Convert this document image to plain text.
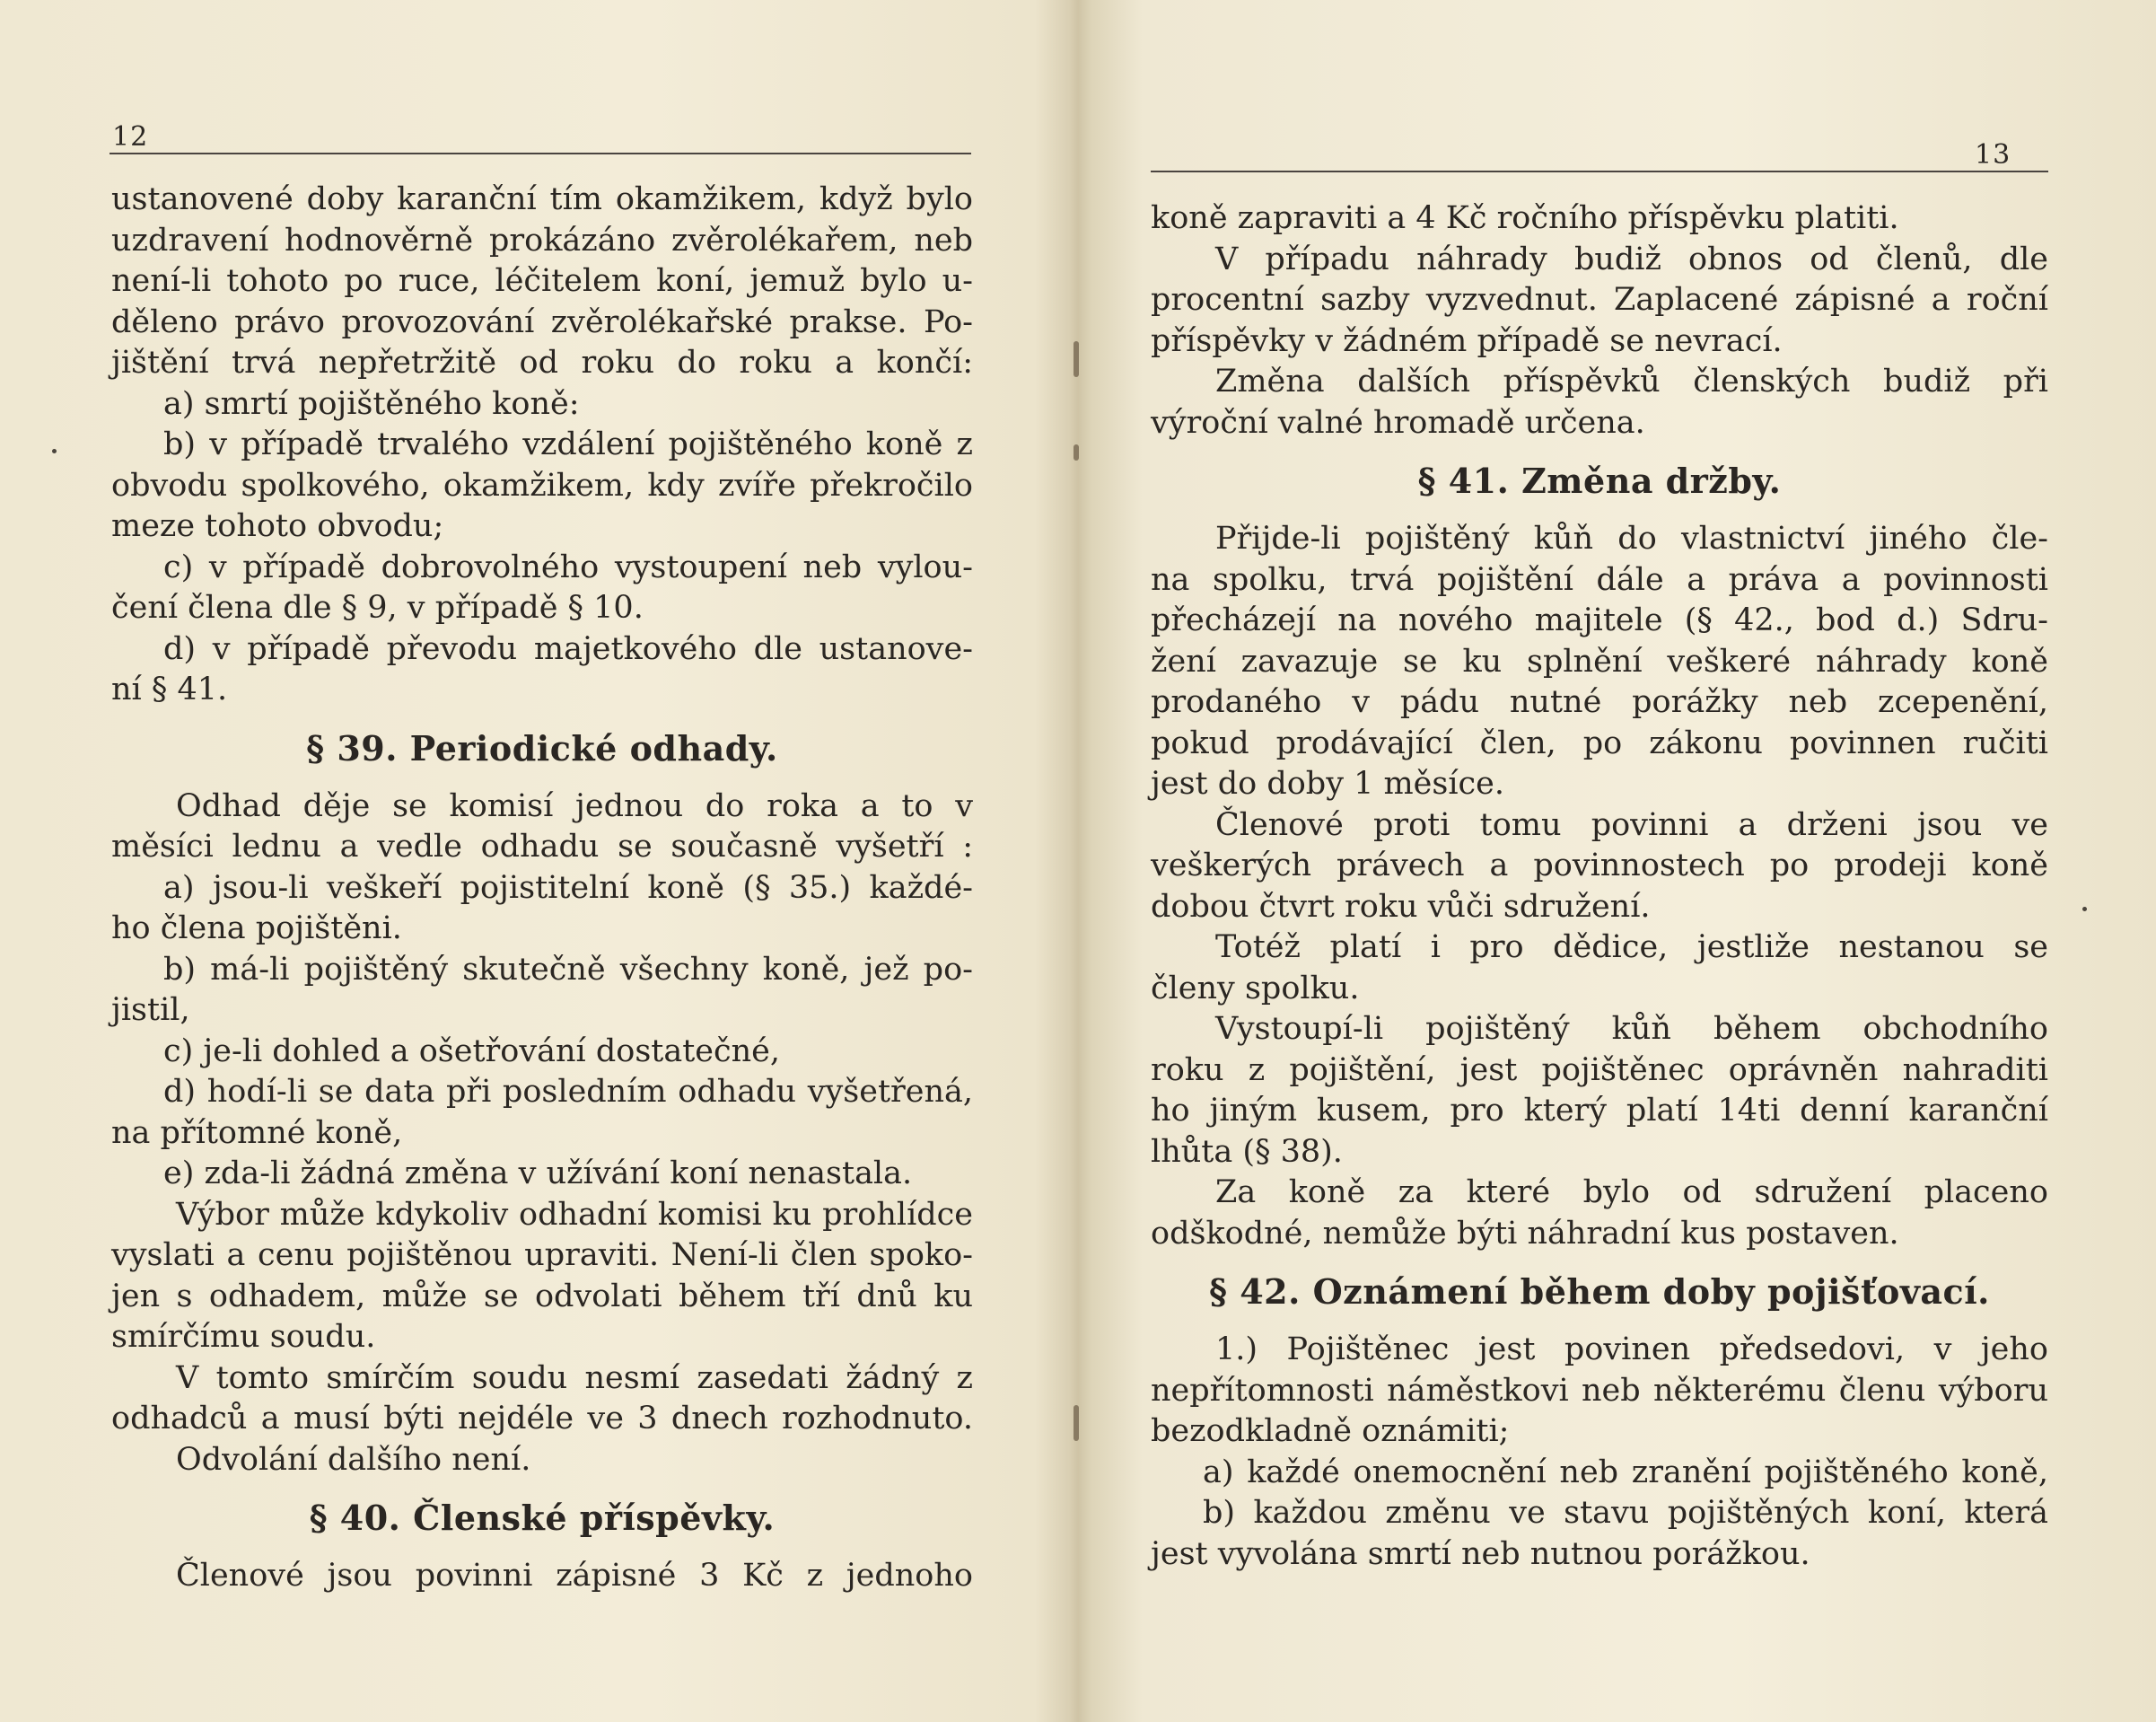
12

ustanovené doby karanční tím okamžikem, když bylo

uzdravení hodnověrně prokázáno zvěrolékařem, neb

není-li tohoto po ruce, léčitelem koní, jemuž bylo u-

děleno právo provozování zvěrolékařské prakse. Po-

jištění trvá nepřetržitě od roku do roku a končí:

a) smrtí pojištěného koně:

b) v případě trvalého vzdálení pojištěného koně z

obvodu spolkového, okamžikem, kdy zvíře překročilo

meze tohoto obvodu;

c) v případě dobrovolného vystoupení neb vylou-

čení člena dle § 9, v případě § 10.

d) v případě převodu majetkového dle ustanove-

ní § 41.

§ 39. Periodické odhady.

Odhad děje se komisí jednou do roka a to v

měsíci lednu a vedle odhadu se současně vyšetří :

a) jsou-li veškeří pojistitelní koně (§ 35.) každé-

ho člena pojištěni.

b) má-li pojištěný skutečně všechny koně, jež po-

jistil,

c) je-li dohled a ošetřování dostatečné,

d) hodí-li se data při posledním odhadu vyšetřená,

na přítomné koně,

e) zda-li žádná změna v užívání koní nenastala.

Výbor může kdykoliv odhadní komisi ku prohlídce

vyslati a cenu pojištěnou upraviti. Není-li člen spoko-

jen s odhadem, může se odvolati během tří dnů ku

smírčímu soudu.

V tomto smírčím soudu nesmí zasedati žádný z

odhadců a musí býti nejdéle ve 3 dnech rozhodnuto.

Odvolání dalšího není.

§ 40. Členské příspěvky.

Členové jsou povinni zápisné 3 Kč z jednoho

13

koně zapraviti a 4 Kč ročního příspěvku platiti.

V případu náhrady budiž obnos od členů, dle

procentní sazby vyzvednut. Zaplacené zápisné a roční

příspěvky v žádném případě se nevrací.

Změna dalších příspěvků členských budiž při

výroční valné hromadě určena.

§ 41. Změna držby.

Přijde-li pojištěný kůň do vlastnictví jiného čle-

na spolku, trvá pojištění dále a práva a povinnosti

přecházejí na nového majitele (§ 42., bod d.) Sdru-

žení zavazuje se ku splnění veškeré náhrady koně

prodaného v pádu nutné porážky neb zcepenění,

pokud prodávající člen, po zákonu povinnen ručiti

jest do doby 1 měsíce.

Členové proti tomu povinni a drženi jsou ve

veškerých právech a povinnostech po prodeji koně

dobou čtvrt roku vůči sdružení.

Totéž platí i pro dědice, jestliže nestanou se

členy spolku.

Vystoupí-li pojištěný kůň během obchodního

roku z pojištění, jest pojištěnec oprávněn nahraditi

ho jiným kusem, pro který platí 14ti denní karanční

lhůta (§ 38).

Za koně za které bylo od sdružení placeno

odškodné, nemůže býti náhradní kus postaven.

§ 42. Oznámení během doby pojišťovací.

1.) Pojištěnec jest povinen předsedovi, v jeho

nepřítomnosti náměstkovi neb některému členu výboru

bezodkladně oznámiti;

a) každé onemocnění neb zranění pojištěného koně,

b) každou změnu ve stavu pojištěných koní, která

jest vyvolána smrtí neb nutnou porážkou.
